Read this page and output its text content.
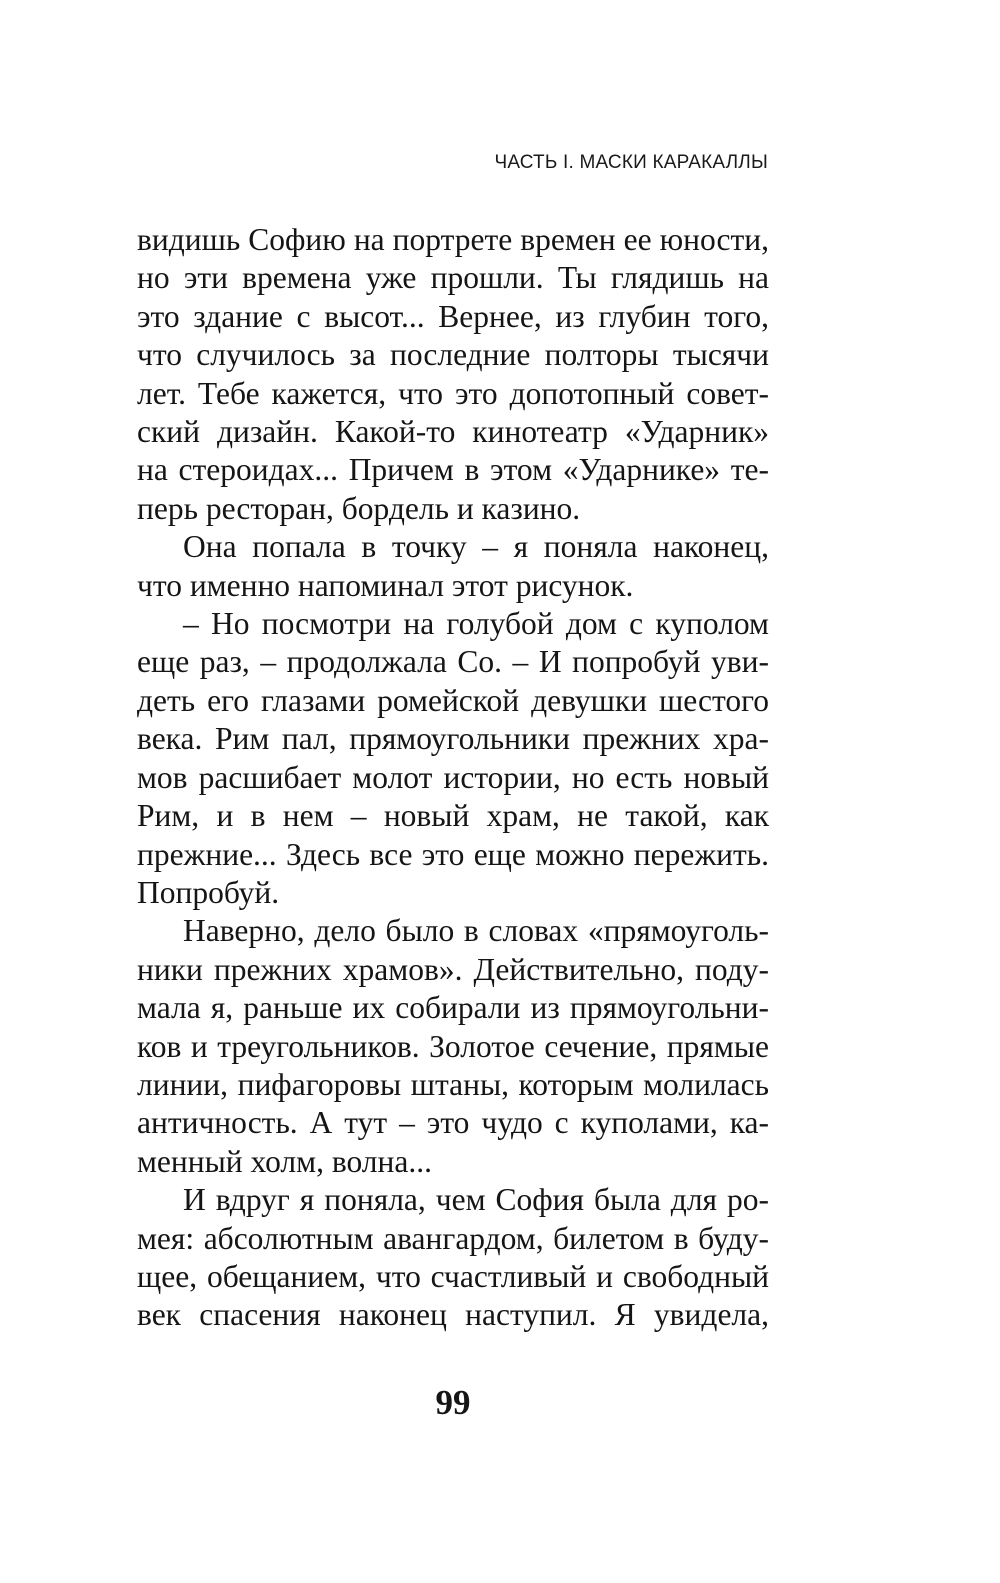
ЧАСТЬ I. МАСКИ КАРАКАЛЛЫ

видишь Софию на портрете времен ее юности,
но эти времена уже прошли. Ты глядишь на
это здание с высот... Вернее, из глубин того,
что случилось за последние полторы тысячи
лет. Тебе кажется, что это допотопный совет-
ский дизайн. Какой-то кинотеатр «Ударник»
на стероидах... Причем в этом «Ударнике» те-
перь ресторан, бордель и казино.

Она попала в точку – я поняла наконец,
что именно напоминал этот рисунок.

– Но посмотри на голубой дом с куполом
еще раз, – продолжала Со. – И попробуй уви-
деть его глазами ромейской девушки шестого
века. Рим пал, прямоугольники прежних хра-
мов расшибает молот истории, но есть новый
Рим, и в нем – новый храм, не такой, как
прежние... Здесь все это еще можно пережить.
Попробуй.

Наверно, дело было в словах «прямоуголь-
ники прежних храмов». Действительно, поду-
мала я, раньше их собирали из прямоугольни-
ков и треугольников. Золотое сечение, прямые
линии, пифагоровы штаны, которым молилась
античность. А тут – это чудо с куполами, ка-
менный холм, волна...

И вдруг я поняла, чем София была для ро-
мея: абсолютным авангардом, билетом в буду-
щее, обещанием, что счастливый и свободный
век спасения наконец наступил. Я увидела,

99
